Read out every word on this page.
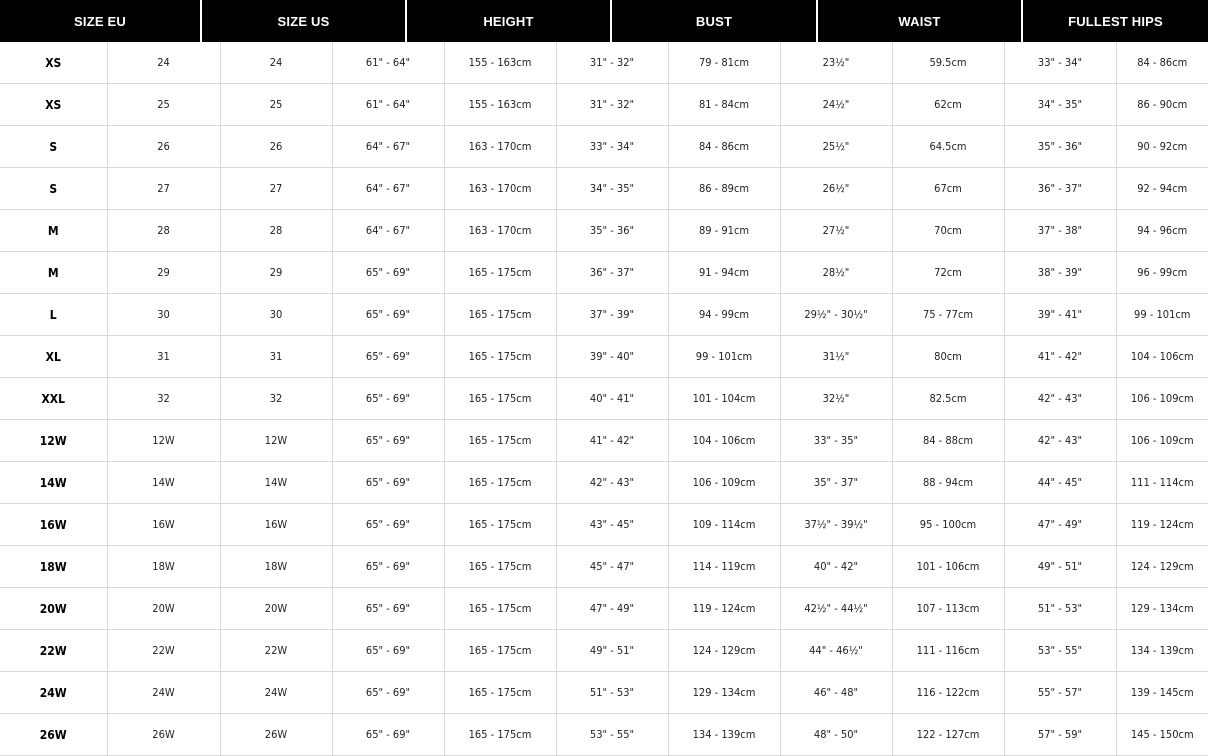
SIZE EU	SIZE US	HEIGHT	BUST	WAIST	FULLEST HIPS
XS	24	24	61" - 64"	155 - 163cm	31" - 32"	79 - 81cm	23½"	59.5cm	33" - 34"	84 - 86cm
XS	25	25	61" - 64"	155 - 163cm	31" - 32"	81 - 84cm	24½"	62cm	34" - 35"	86 - 90cm
S	26	26	64" - 67"	163 - 170cm	33" - 34"	84 - 86cm	25½"	64.5cm	35" - 36"	90 - 92cm
S	27	27	64" - 67"	163 - 170cm	34" - 35"	86 - 89cm	26½"	67cm	36" - 37"	92 - 94cm
M	28	28	64" - 67"	163 - 170cm	35" - 36"	89 - 91cm	27½"	70cm	37" - 38"	94 - 96cm
M	29	29	65" - 69"	165 - 175cm	36" - 37"	91 - 94cm	28½"	72cm	38" - 39"	96 - 99cm
L	30	30	65" - 69"	165 - 175cm	37" - 39"	94 - 99cm	29½" - 30½"	75 - 77cm	39" - 41"	99 - 101cm
XL	31	31	65" - 69"	165 - 175cm	39" - 40"	99 - 101cm	31½"	80cm	41" - 42"	104 - 106cm
XXL	32	32	65" - 69"	165 - 175cm	40" - 41"	101 - 104cm	32½"	82.5cm	42" - 43"	106 - 109cm
12W	12W	12W	65" - 69"	165 - 175cm	41" - 42"	104 - 106cm	33" - 35"	84 - 88cm	42" - 43"	106 - 109cm
14W	14W	14W	65" - 69"	165 - 175cm	42" - 43"	106 - 109cm	35" - 37"	88 - 94cm	44" - 45"	111 - 114cm
16W	16W	16W	65" - 69"	165 - 175cm	43" - 45"	109 - 114cm	37½" - 39½"	95 - 100cm	47" - 49"	119 - 124cm
18W	18W	18W	65" - 69"	165 - 175cm	45" - 47"	114 - 119cm	40" - 42"	101 - 106cm	49" - 51"	124 - 129cm
20W	20W	20W	65" - 69"	165 - 175cm	47" - 49"	119 - 124cm	42½" - 44½"	107 - 113cm	51" - 53"	129 - 134cm
22W	22W	22W	65" - 69"	165 - 175cm	49" - 51"	124 - 129cm	44" - 46½"	111 - 116cm	53" - 55"	134 - 139cm
24W	24W	24W	65" - 69"	165 - 175cm	51" - 53"	129 - 134cm	46" - 48"	116 - 122cm	55" - 57"	139 - 145cm
26W	26W	26W	65" - 69"	165 - 175cm	53" - 55"	134 - 139cm	48" - 50"	122 - 127cm	57" - 59"	145 - 150cm
